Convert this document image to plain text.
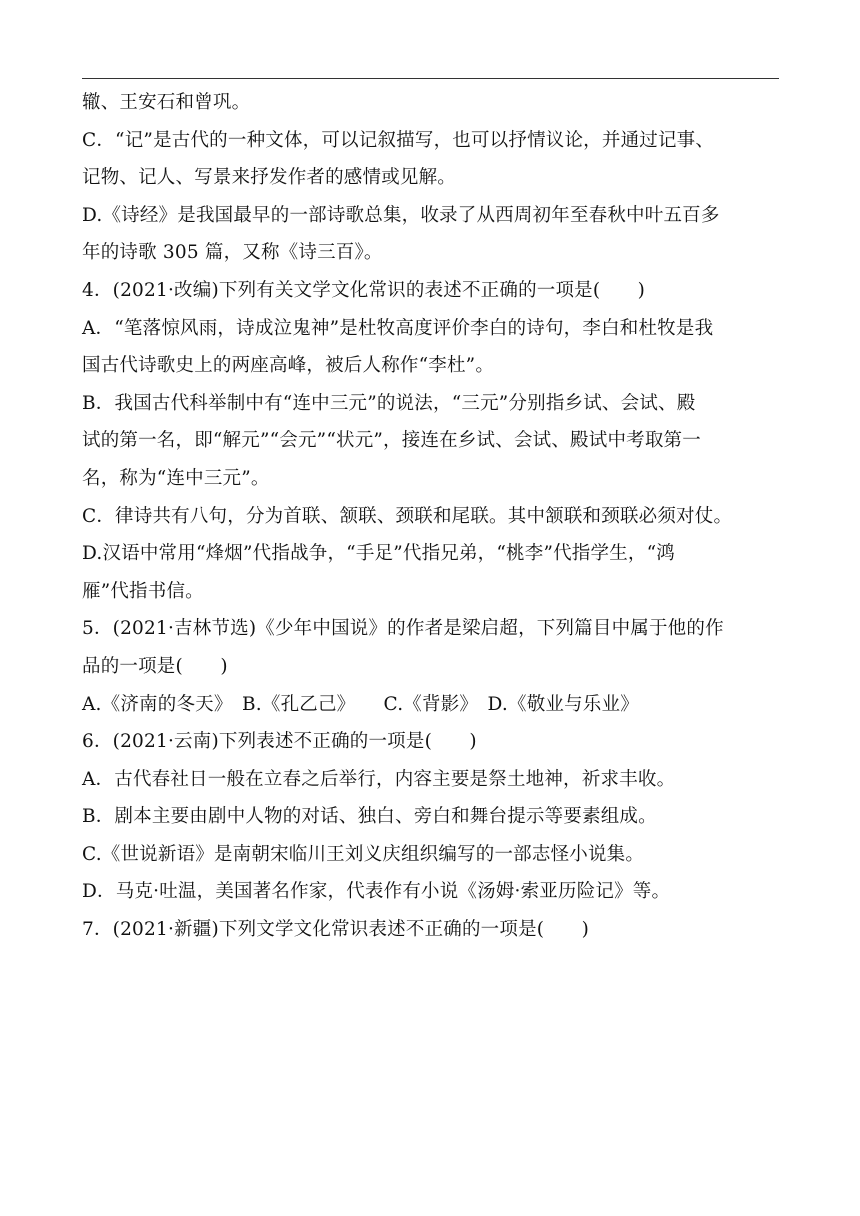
辙、王安石和曾巩。
C．“记”是古代的一种文体，可以记叙描写，也可以抒情议论，并通过记事、
记物、记人、写景来抒发作者的感情或见解。
D.《诗经》是我国最早的一部诗歌总集，收录了从西周初年至春秋中叶五百多
年的诗歌 305 篇，又称《诗三百》。
4．(2021·改编)下列有关文学文化常识的表述不正确的一项是(　　)
A．“笔落惊风雨，诗成泣鬼神”是杜牧高度评价李白的诗句，李白和杜牧是我
国古代诗歌史上的两座高峰，被后人称作“李杜”。
B．我国古代科举制中有“连中三元”的说法，“三元”分别指乡试、会试、殿
试的第一名，即“解元”“会元”“状元”，接连在乡试、会试、殿试中考取第一
名，称为“连中三元”。
C．律诗共有八句，分为首联、颔联、颈联和尾联。其中颔联和颈联必须对仗。
D.汉语中常用“烽烟”代指战争，“手足”代指兄弟，“桃李”代指学生，“鸿
雁”代指书信。
5．(2021·吉林节选)《少年中国说》的作者是梁启超，下列篇目中属于他的作
品的一项是(　　)
A.《济南的冬天》　B.《孔乙己》　　C.《背影》　D.《敬业与乐业》
6．(2021·云南)下列表述不正确的一项是(　　)
A．古代春社日一般在立春之后举行，内容主要是祭土地神，祈求丰收。
B．剧本主要由剧中人物的对话、独白、旁白和舞台提示等要素组成。
C.《世说新语》是南朝宋临川王刘义庆组织编写的一部志怪小说集。
D．马克·吐温，美国著名作家，代表作有小说《汤姆·索亚历险记》等。
7．(2021·新疆)下列文学文化常识表述不正确的一项是(　　)
